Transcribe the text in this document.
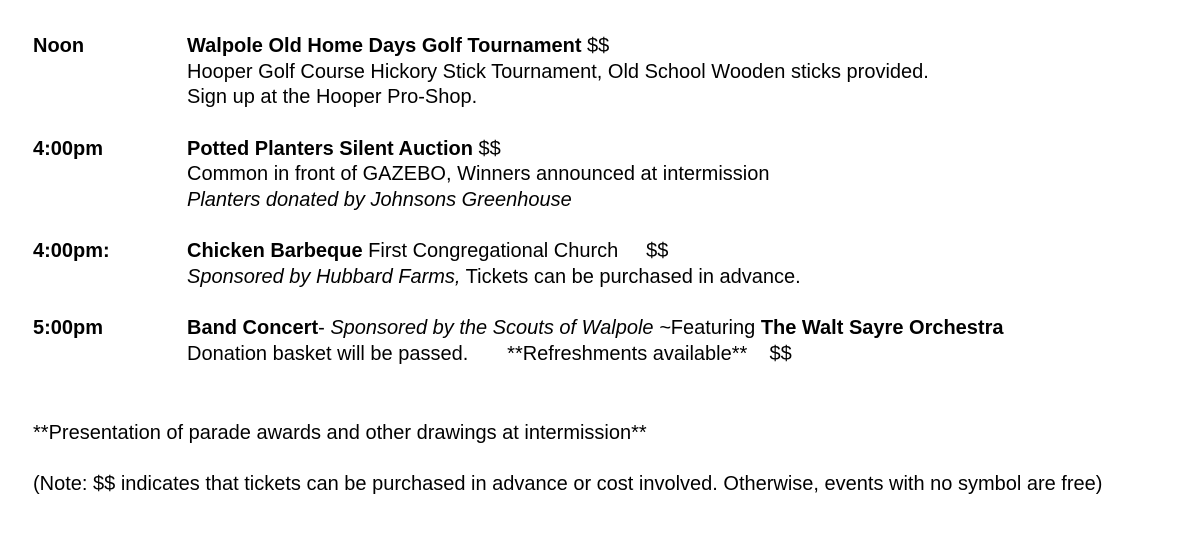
Noon	Walpole Old Home Days Golf Tournament $$
Hooper Golf Course Hickory Stick Tournament, Old School Wooden sticks provided.
Sign up at the Hooper Pro-Shop.
4:00pm	Potted Planters Silent Auction $$
Common in front of GAZEBO, Winners announced at intermission
Planters donated by Johnsons Greenhouse
4:00pm:	Chicken Barbeque First Congregational Church     $$
Sponsored by Hubbard Farms, Tickets can be purchased in advance.
5:00pm	Band Concert- Sponsored by the Scouts of Walpole ~Featuring The Walt Sayre Orchestra
Donation basket will be passed.       **Refreshments available**    $$
**Presentation of parade awards and other drawings at intermission**
(Note: $$ indicates that tickets can be purchased in advance or cost involved. Otherwise, events with no symbol are free)
